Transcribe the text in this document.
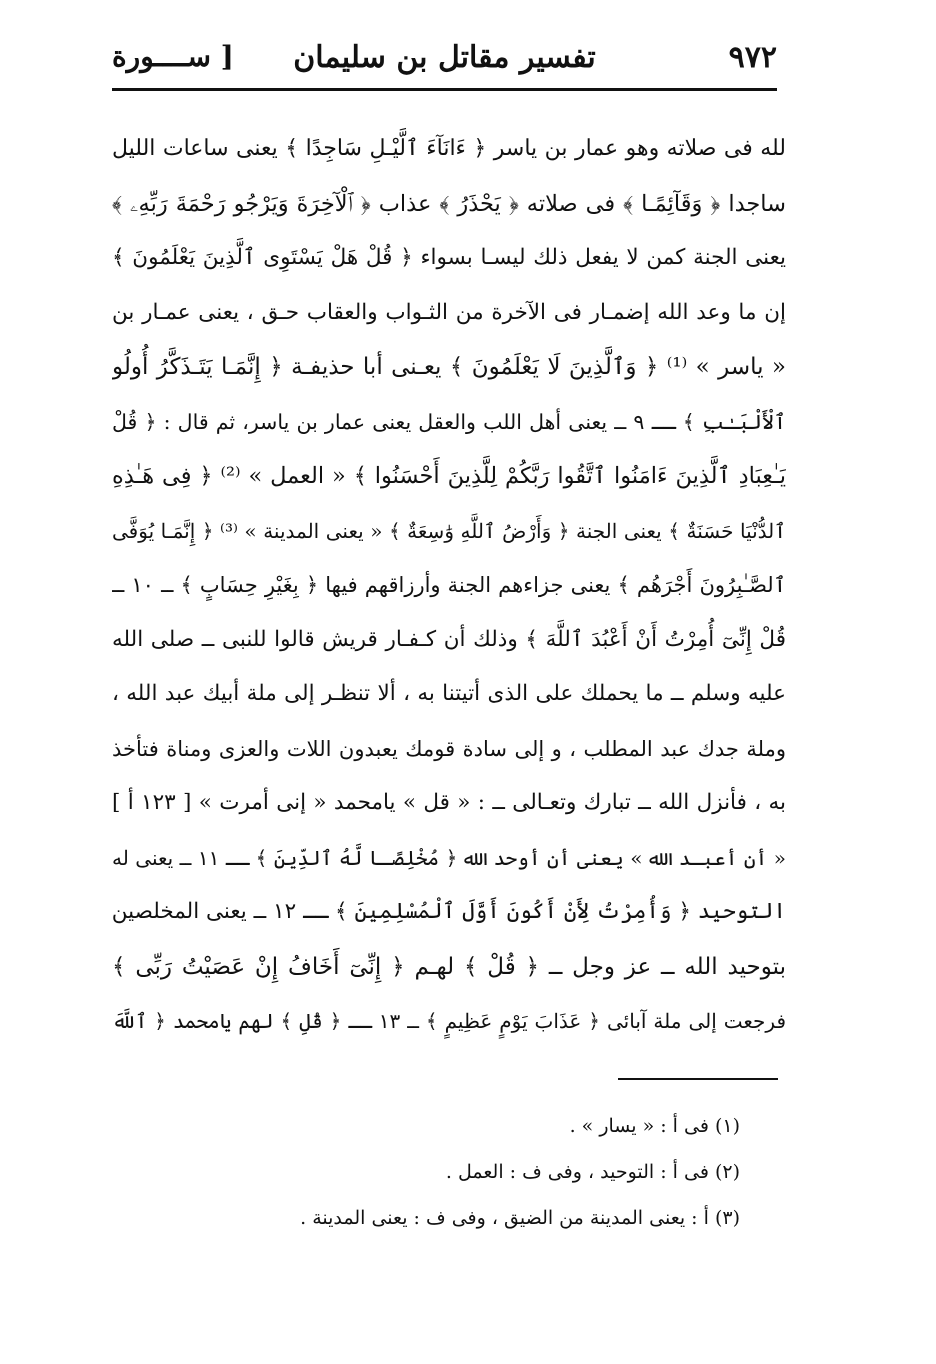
٩٧٢
تفسير مقاتل بن سليمان
[ ســــورة
لله فى صلاته وهو عمار بن ياسر ﴿ ءَانَآءَ ٱلَّيْـلِ سَاجِدًا ﴾ يعنى ساعات الليل
ساجدا ﴿ وَقَآئِمًـا ﴾ فى صلاته ﴿ يَحْذَرُ ﴾ عذاب ﴿ ٱلْآخِرَةَ وَيَرْجُو رَحْمَةَ رَبِّهِۦ ﴾
يعنى الجنة كمن لا يفعل ذلك ليسـا بسواء ﴿ قُلْ هَلْ يَسْتَوِى ٱلَّذِينَ يَعْلَمُونَ ﴾
إن ما وعد الله إضمـار فى الآخرة من الثـواب والعقاب حـق ، يعنى عمـار بن
« ياسر » ⁽¹⁾ ﴿ وَٱلَّذِينَ لَا يَعْلَمُونَ ﴾ يعـنى أبا حذيفـة ﴿ إِنَّمَـا يَتَـذَكَّرُ أُولُو
ٱلْأَلْبَـٰبِ ﴾ ــ ٩ ــ يعنى أهل اللب والعقل يعنى عمار بن ياسر، ثم قال : ﴿ قُلْ
يَـٰعِبَادِ ٱلَّذِينَ ءَامَنُوا ٱتَّقُوا رَبَّكُمْ لِلَّذِينَ أَحْسَنُوا ﴾ « العمل » ⁽²⁾ ﴿ فِى هَـٰذِهِ
ٱلدُّنْيَا حَسَنَةٌ ﴾ يعنى الجنة ﴿ وَأَرْضُ ٱللَّهِ وَٰسِعَةٌ ﴾ « يعنى المدينة » ⁽³⁾ ﴿ إِنَّمَـا يُوَفَّى
ٱلصَّـٰبِرُونَ أَجْرَهُم ﴾ يعنى جزاءهم الجنة وأرزاقهم فيها ﴿ بِغَيْرِ حِسَابٍ ﴾ ــ ١٠ ــ
قُلْ إِنِّىٓ أُمِرْتُ أَنْ أَعْبُدَ ٱللَّهَ ﴾ وذلك أن كـفـار قريش قالوا للنبى ــ صلى الله
عليه وسلم ــ ما يحملك على الذى أتيتنا به ، ألا تنظـر إلى ملة أبيك عبد الله ،
وملة جدك عبد المطلب ، و إلى سادة قومك يعبدون اللات والعزى ومناة فتأخذ
به ، فأنزل الله ــ تبارك وتعـالى ــ : « قل » يامحمد « إنى أمرت » [ ١٢٣ أ ]
« أن أعبـد الله » يعنى أن أوحد الله ﴿ مُخْلِصًـا لَّهُ ٱلدِّينَ ﴾ ــ ١١ ــ يعنى له
التوحيد ﴿ وَأُمِرْتُ لِأَنْ أَكُونَ أَوَّلَ ٱلْمُسْلِمِينَ ﴾ ــ ١٢ ــ يعنى المخلصين
بتوحيد الله ــ عز وجل ــ ﴿ قُلْ ﴾ لهـم ﴿ إِنِّىٓ أَخَافُ إِنْ عَصَيْتُ رَبِّى ﴾
فرجعت إلى ملة آبائى ﴿ عَذَابَ يَوْمٍ عَظِيمٍ ﴾ ــ ١٣ ــ ﴿ قُلِ ﴾ لهم يامحمد ﴿ ٱللَّهَ
(١) فى أ : « يسار » .
(٢) فى أ : التوحيد ، وفى ف : العمل .
(٣) أ : يعنى المدينة من الضيق ، وفى ف : يعنى المدينة .
